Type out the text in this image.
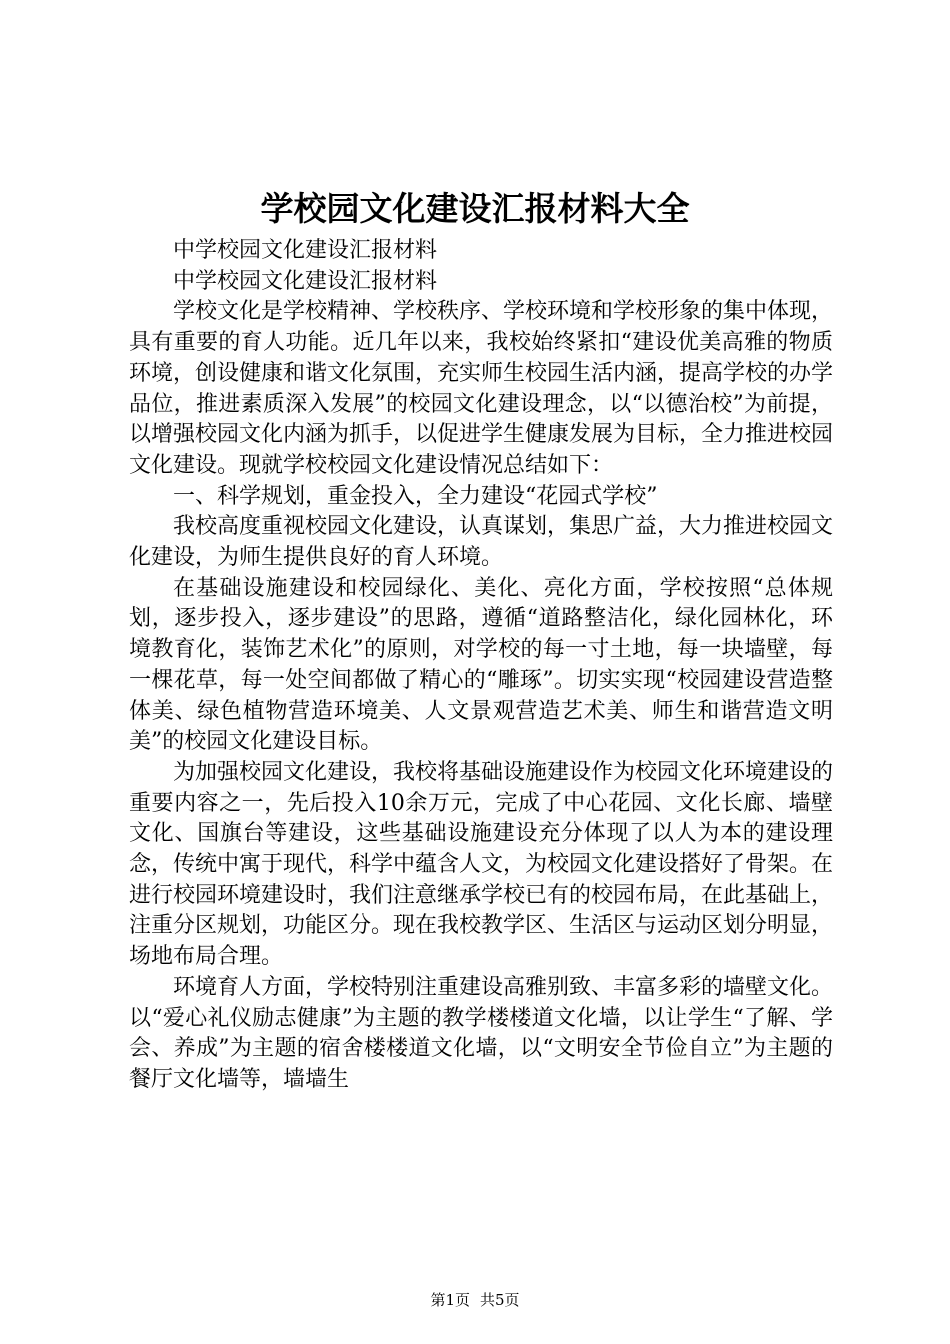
学校园文化建设汇报材料大全

中学校园文化建设汇报材料

中学校园文化建设汇报材料

学校文化是学校精神、学校秩序、学校环境和学校形象的集中体现，具有重要的育人功能。近几年以来，我校始终紧扣“建设优美高雅的物质环境，创设健康和谐文化氛围，充实师生校园生活内涵，提高学校的办学品位，推进素质深入发展”的校园文化建设理念，以“以德治校”为前提，以增强校园文化内涵为抓手，以促进学生健康发展为目标，全力推进校园文化建设。现就学校校园文化建设情况总结如下：

一、科学规划，重金投入，全力建设“花园式学校”

我校高度重视校园文化建设，认真谋划，集思广益，大力推进校园文化建设，为师生提供良好的育人环境。

在基础设施建设和校园绿化、美化、亮化方面，学校按照“总体规划，逐步投入，逐步建设”的思路，遵循“道路整洁化，绿化园林化，环境教育化，装饰艺术化”的原则，对学校的每一寸土地，每一块墙壁，每一棵花草，每一处空间都做了精心的“雕琢”。切实实现“校园建设营造整体美、绿色植物营造环境美、人文景观营造艺术美、师生和谐营造文明美”的校园文化建设目标。

为加强校园文化建设，我校将基础设施建设作为校园文化环境建设的重要内容之一，先后投入10余万元，完成了中心花园、文化长廊、墙壁文化、国旗台等建设，这些基础设施建设充分体现了以人为本的建设理念，传统中寓于现代，科学中蕴含人文，为校园文化建设搭好了骨架。在进行校园环境建设时，我们注意继承学校已有的校园布局，在此基础上，注重分区规划，功能区分。现在我校教学区、生活区与运动区划分明显，场地布局合理。

环境育人方面，学校特别注重建设高雅别致、丰富多彩的墙壁文化。以“爱心礼仪励志健康”为主题的教学楼楼道文化墙，以让学生“了解、学会、养成”为主题的宿舍楼楼道文化墙，以“文明安全节俭自立”为主题的餐厅文化墙等，墙墙生

第1页 共5页
